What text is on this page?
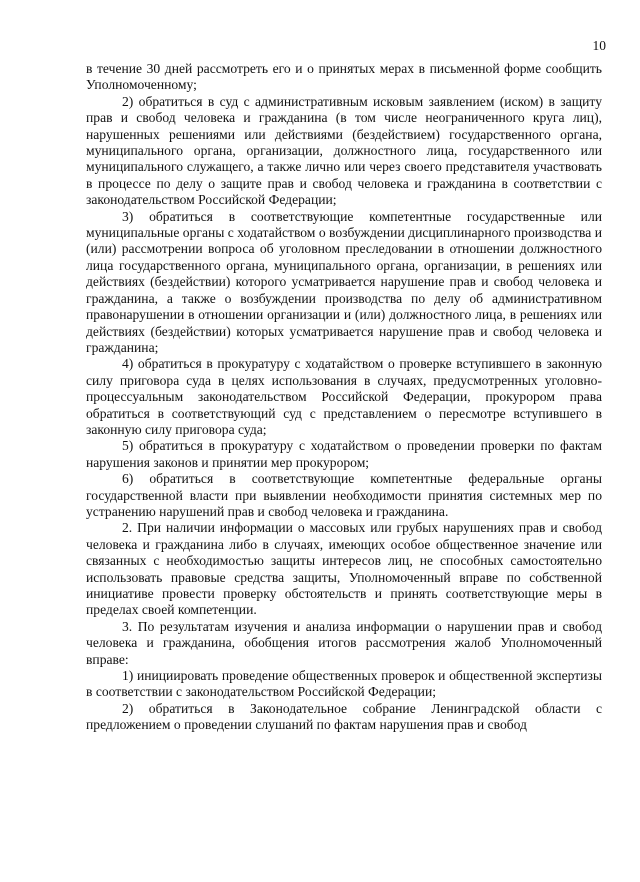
10

в течение 30 дней рассмотреть его и о принятых мерах в письменной форме сообщить Уполномоченному;

2) обратиться в суд с административным исковым заявлением (иском) в защиту прав и свобод человека и гражданина (в том числе неограниченного круга лиц), нарушенных решениями или действиями (бездействием) государственного органа, муниципального органа, организации, должностного лица, государственного или муниципального служащего, а также лично или через своего представителя участвовать в процессе по делу о защите прав и свобод человека и гражданина в соответствии с законодательством Российской Федерации;

3) обратиться в соответствующие компетентные государственные или муниципальные органы с ходатайством о возбуждении дисциплинарного производства и (или) рассмотрении вопроса об уголовном преследовании в отношении должностного лица государственного органа, муниципального органа, организации, в решениях или действиях (бездействии) которого усматривается нарушение прав и свобод человека и гражданина, а также о возбуждении производства по делу об административном правонарушении в отношении организации и (или) должностного лица, в решениях или действиях (бездействии) которых усматривается нарушение прав и свобод человека и гражданина;

4) обратиться в прокуратуру с ходатайством о проверке вступившего в законную силу приговора суда в целях использования в случаях, предусмотренных уголовно-процессуальным законодательством Российской Федерации, прокурором права обратиться в соответствующий суд с представлением о пересмотре вступившего в законную силу приговора суда;

5) обратиться в прокуратуру с ходатайством о проведении проверки по фактам нарушения законов и принятии мер прокурором;

6) обратиться в соответствующие компетентные федеральные органы государственной власти при выявлении необходимости принятия системных мер по устранению нарушений прав и свобод человека и гражданина.

2. При наличии информации о массовых или грубых нарушениях прав и свобод человека и гражданина либо в случаях, имеющих особое общественное значение или связанных с необходимостью защиты интересов лиц, не способных самостоятельно использовать правовые средства защиты, Уполномоченный вправе по собственной инициативе провести проверку обстоятельств и принять соответствующие меры в пределах своей компетенции.

3. По результатам изучения и анализа информации о нарушении прав и свобод человека и гражданина, обобщения итогов рассмотрения жалоб Уполномоченный вправе:

1) инициировать проведение общественных проверок и общественной экспертизы в соответствии с законодательством Российской Федерации;

2) обратиться в Законодательное собрание Ленинградской области с предложением о проведении слушаний по фактам нарушения прав и свобод
